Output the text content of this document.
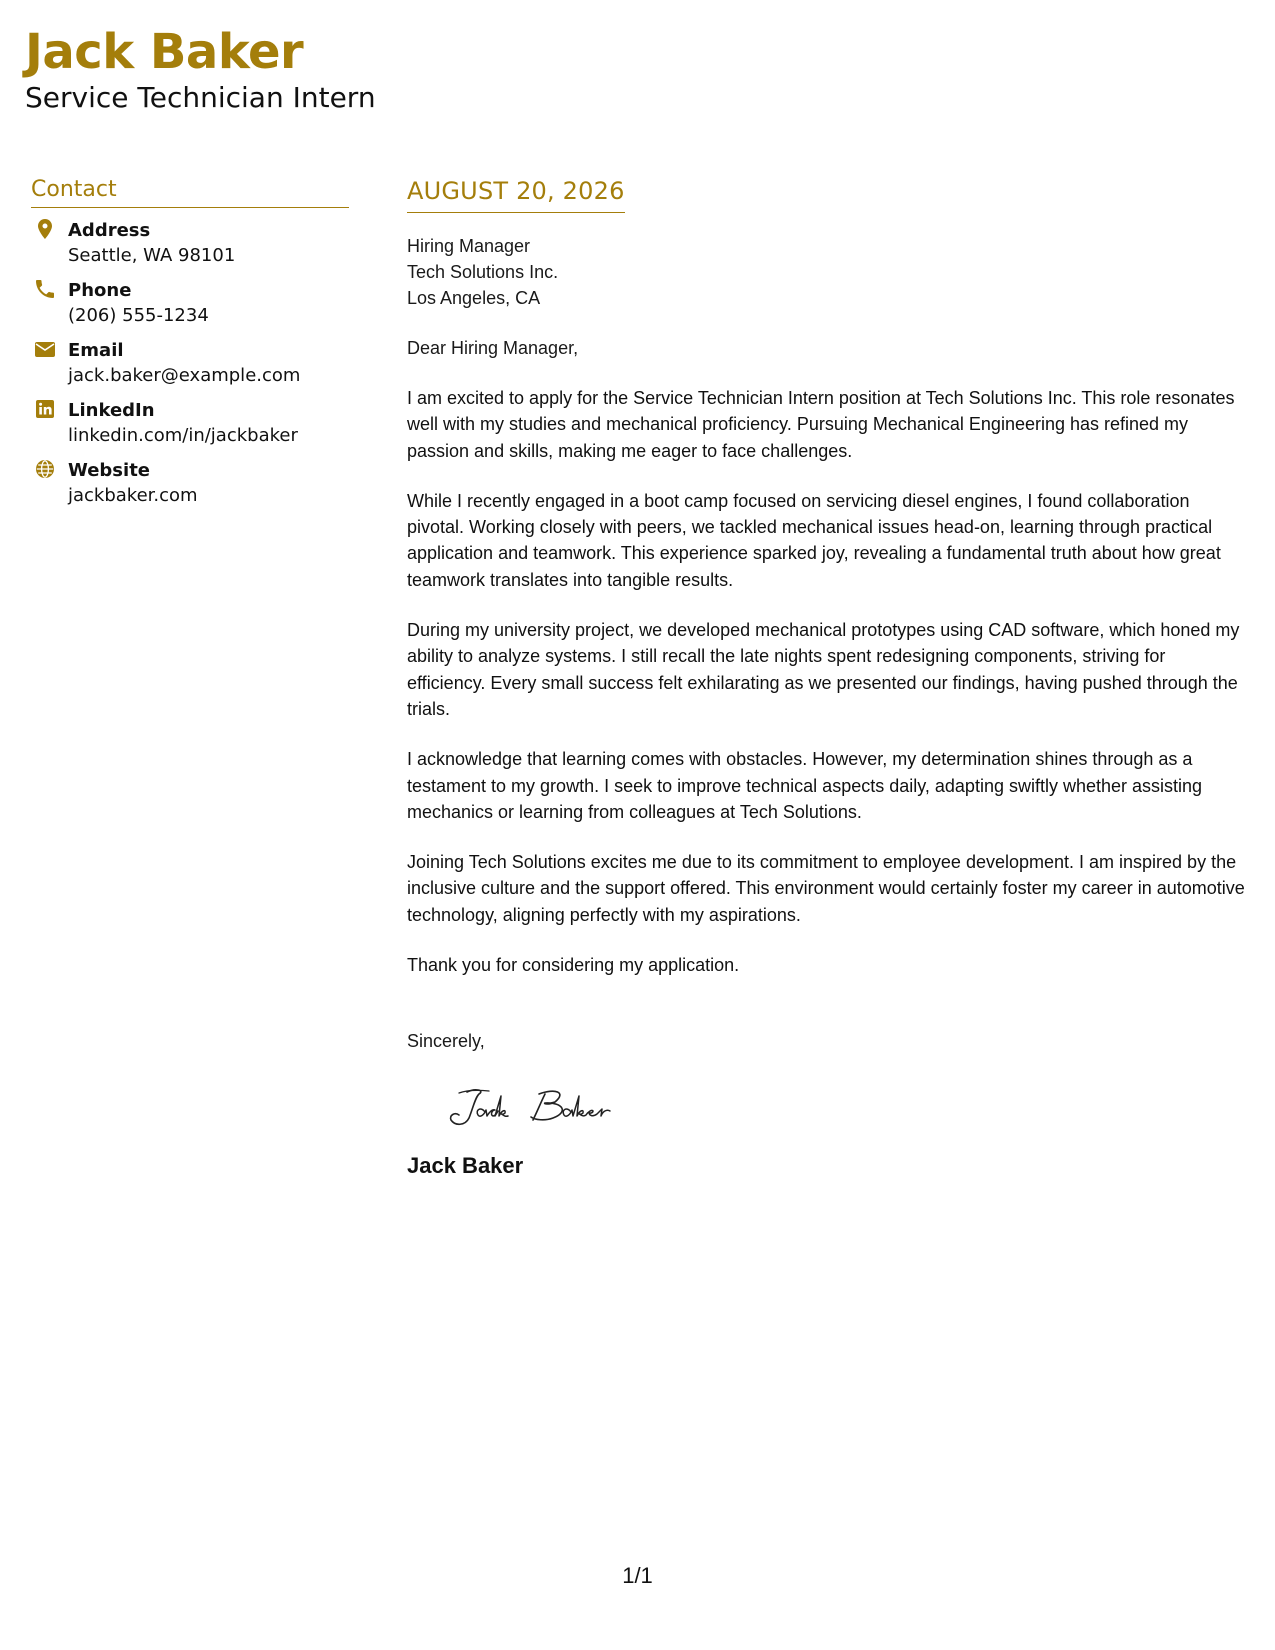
Jack Baker
Service Technician Intern
Contact
Address
Seattle, WA 98101
Phone
(206) 555-1234
Email
jack.baker@example.com
LinkedIn
linkedin.com/in/jackbaker
Website
jackbaker.com
AUGUST 20, 2026
Hiring Manager
Tech Solutions Inc.
Los Angeles, CA
Dear Hiring Manager,
I am excited to apply for the Service Technician Intern position at Tech Solutions Inc. This role resonates well with my studies and mechanical proficiency. Pursuing Mechanical Engineering has refined my passion and skills, making me eager to face challenges.
While I recently engaged in a boot camp focused on servicing diesel engines, I found collaboration pivotal. Working closely with peers, we tackled mechanical issues head-on, learning through practical application and teamwork. This experience sparked joy, revealing a fundamental truth about how great teamwork translates into tangible results.
During my university project, we developed mechanical prototypes using CAD software, which honed my ability to analyze systems. I still recall the late nights spent redesigning components, striving for efficiency. Every small success felt exhilarating as we presented our findings, having pushed through the trials.
I acknowledge that learning comes with obstacles. However, my determination shines through as a testament to my growth. I seek to improve technical aspects daily, adapting swiftly whether assisting mechanics or learning from colleagues at Tech Solutions.
Joining Tech Solutions excites me due to its commitment to employee development. I am inspired by the inclusive culture and the support offered. This environment would certainly foster my career in automotive technology, aligning perfectly with my aspirations.
Thank you for considering my application.
Sincerely,
Jack Baker
1/1
